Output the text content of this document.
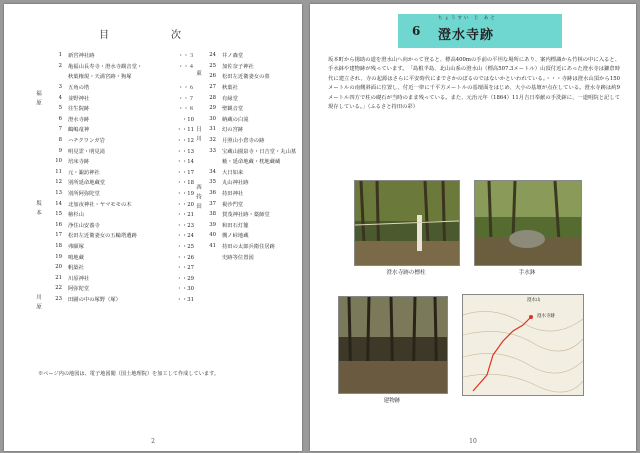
目　次
1 新宮神社跡	・・３
2 亀福山長寿寺・澄水寺観音堂・	・・４
秋葉権現・天満宮跡・狗塚
3 五角の塔	・・６
4 並野神社	・・７
5 往生院跡	・・８
6 澄水寺跡	・10
7 鶴嶋竜神	・・11
8 ハチクワンガ岩	・・12
9 明見霊・明見滝	・・13
10 培床寺跡	・・14
11 元・諏訪神社	・・17
12 別所延命地蔵堂	・・18
13 別所阿弥陀堂	・・19
14 北加夜神社・ヤマモモの木	・・20
15 檜杉山	・・21
16 浄住山安養寺	・・23
17 松田左近衛妻女の五輪塔遺跡	・・24
18 弗願塚	・・25
19 鳴地蔵	・・26
20 帆築社	・・27
21 川原神社	・・29
22 阿弥陀堂	・・30
23 田圃の中の塚野（塚）	・・31
24 井ノ森堂
25 加佐奈子神社
26 松田左近衛妻女の墓
27 秋葉社
28 有縁堂
29 聖観音堂
30 納蔵の白滝
31 幻の宮跡
32 月照山小倉寺の跡
33 宝蔵山園泉寺・日吉堂・丸山墓
薮・延命地蔵・枕地蔵蔵
34 大日如来
35 丸山神社跡
36 持田神社
37 視沙門堂
38 賀茂神社跡・薬師堂
39 和田石灯籠
40 槻ノ峠地蔵
41 持田の太郎兵衛住居跡
史跡等位置図
福原
坂本
川原
東
日川
西持田
※ページ内の地図は、電子地図閲（国土地理院）を加工して作成しています。
2
6
ちょうすい じ あと
澄水寺跡
坂本町から揚助の道を澄水山へ向かって登ると、標高400mの手前の平坦な場所にあり、案内標識から竹林の中に入ると、手水鉢や建物跡が残っています。　「島根半島、北山山系の澄水山（標高507.3メートル）山頂付近にあった澄水寺は鎌倉時代に建立され、寺の起源はさらに平安時代にまでさかのぼるのではないかといわれている。・・・寺跡は澄水山頂から150メートルの南側斜面に位置し、付近一帯に千平方メートルの基壇面をはじめ、大小の基壇が点在している。澄水寺跡は約9メートル四方で柱の礎石が当時のまま残っている。また、元治元年（1864）11月吉日奉献の手洗鉢に、一道明院と記して現存している。」（ふるさと持田の彩）
澄水寺跡の標柱	手水鉢
建物跡
澄水山
澄水寺跡
10
